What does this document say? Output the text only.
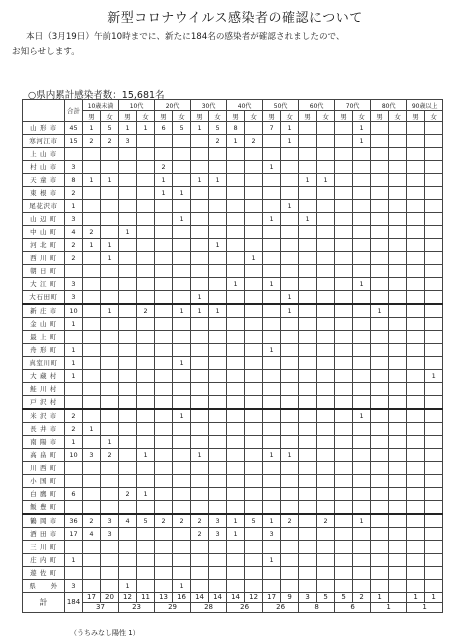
新型コロナウイルス感染者の確認について
本日（3月19日）午前10時までに、新たに184名の感染者が確認されましたので、
お知らせします。
○県内累計感染者数：15,681名
	合計	10歳未満		10代		20代		30代		40代		50代		60代		70代		80代		90歳以上	
		男	女	男	女	男	女	男	女	男	女	男	女	男	女	男	女	男	女	男	女
山 形 市	45	1	5	1	1	6	5	1	5	8		7	1				1				
寒河江市	15	2	2	3					2	1	2		1				1				
上 山 市																					
村 山 市	3					2						1									
天 童 市	8	1	1			1		1	1					1	1						
東 根 市	2					1	1														
尾花沢市	1												1								
山 辺 町	3						1					1		1							
中 山 町	4	2		1																	
河 北 町	2	1	1						1												
西 川 町	2		1								1										
朝 日 町																					
大 江 町	3									1		1					1				
大石田町	3							1					1								
新 庄 市	10		1		2		1	1	1				1					1			
金 山 町	1																				
最 上 町																					
舟 形 町	1											1									
真室川町	1						1														
大 蔵 村	1																				1
鮭 川 村																					
戸 沢 村																					
米 沢 市	2						1										1				
長 井 市	2	1																			
南 陽 市	1		1																		
高 畠 町	10	3	2		1			1				1	1								
川 西 町																					
小 国 町																					
白 鷹 町	6			2	1																
飯 豊 町																					
鶴 岡 市	36	2	3	4	5	2	2	2	3	1	5	1	2		2		1				
酒 田 市	17	4	3					2	3	1		3									
三 川 町																					
庄 内 町	1											1									
遊 佐 町																					
県　　外	3			1			1														
計	184	17	20	12	11	13	16	14	14	14	12	17	9	3	5	5	2	1		1	1
		37		23		29		28		26		26		8		6		1		1	
（うちみなし陽性 1）
